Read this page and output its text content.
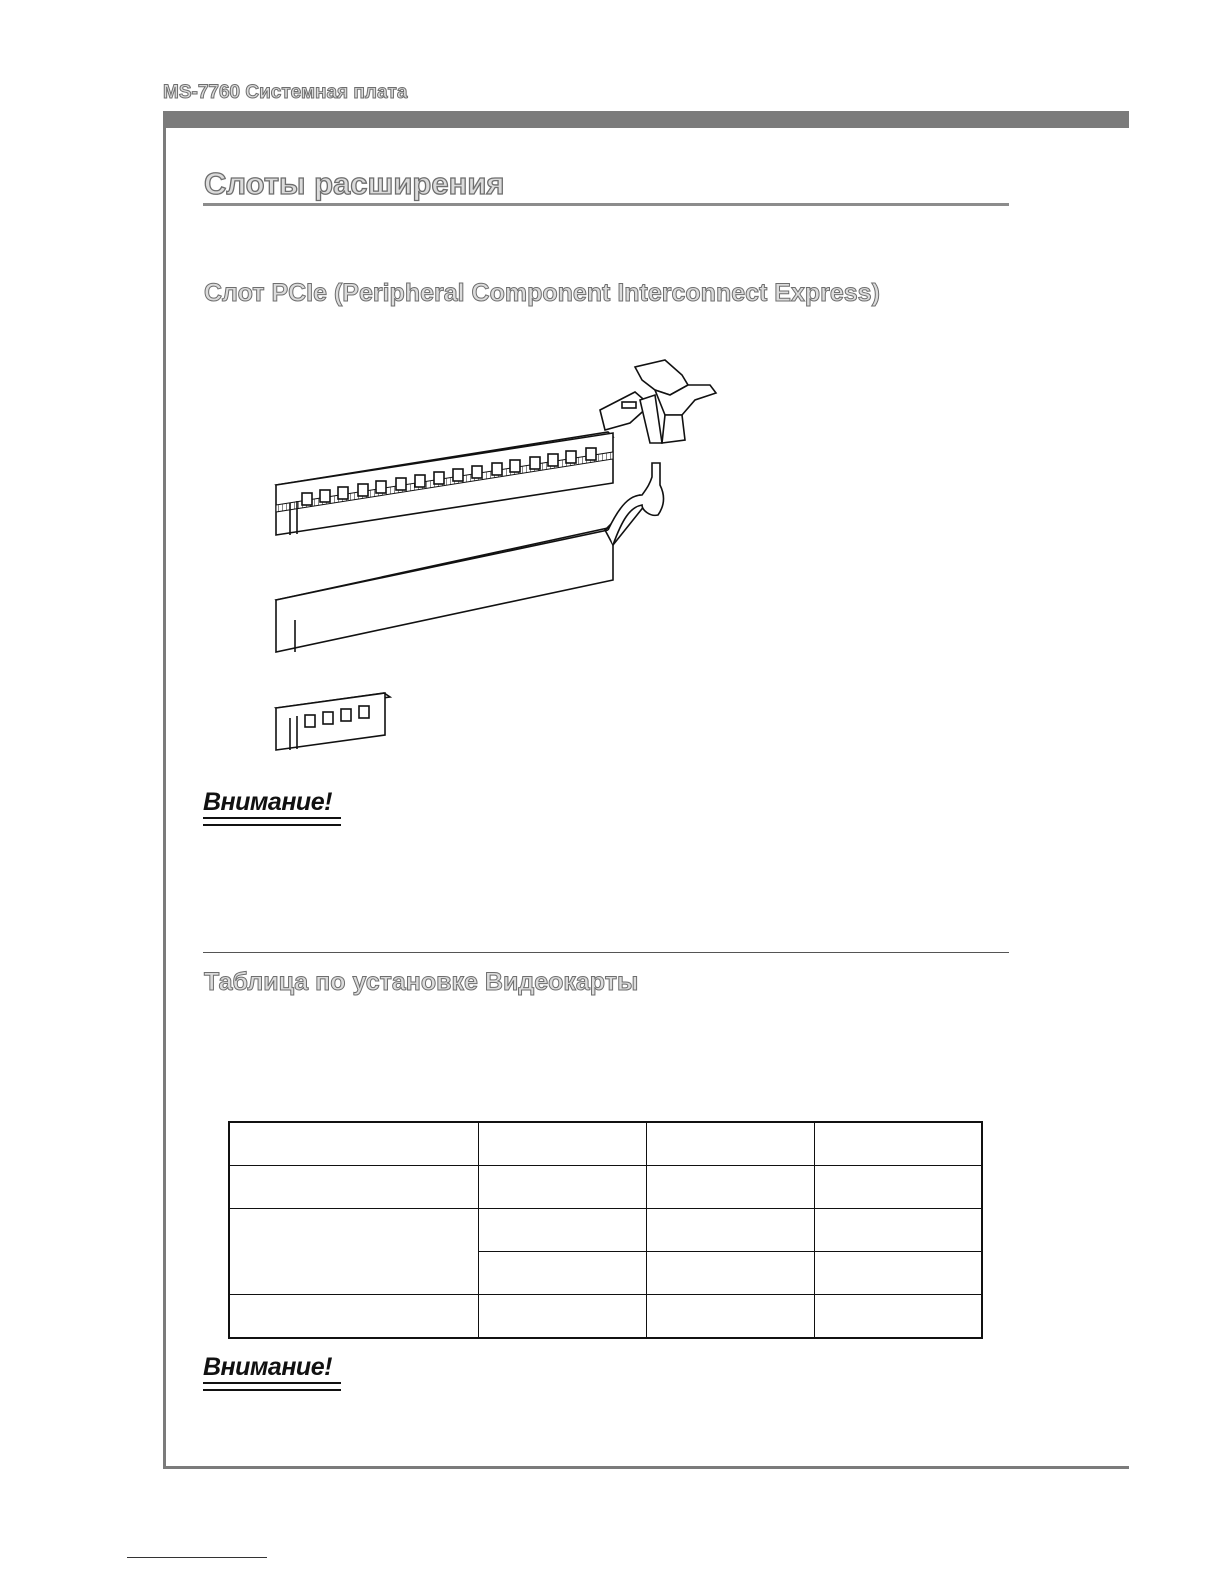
MS-7760 Системная плата
Слоты расширения
Слот PCIe (Peripheral Component Interconnect Express)
Внимание!
Таблица по установке Видеокарты

Внимание!
